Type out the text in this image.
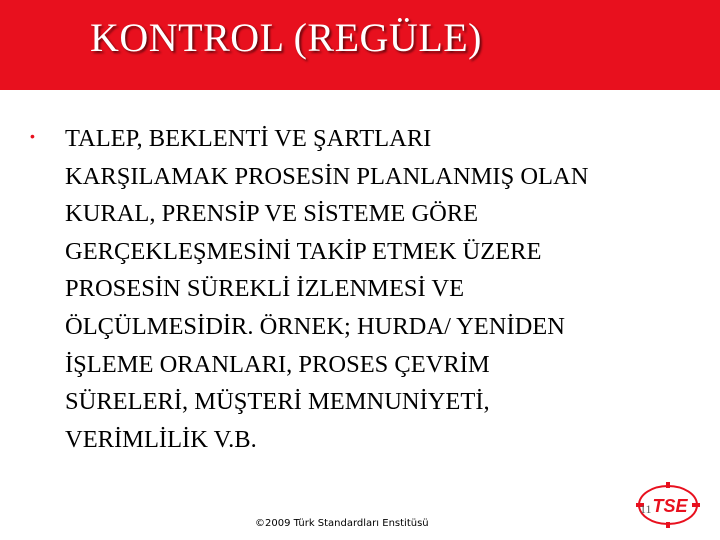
KONTROL (REGÜLE)
• TALEP, BEKLENTİ VE ŞARTLARI
KARŞILAMAK PROSESİN PLANLANMIŞ OLAN
KURAL, PRENSİP VE SİSTEME GÖRE
GERÇEKLEŞMESİNİ TAKİP ETMEK ÜZERE
PROSESİN SÜREKLİ İZLENMESİ VE
ÖLÇÜLMESİDİR. ÖRNEK; HURDA/ YENİDEN
İŞLEME ORANLARI, PROSES ÇEVRİM
SÜRELERİ, MÜŞTERİ MEMNUNİYETİ,
VERİMLİLİK V.B.
TSE
11
©2009 Türk Standardları Enstitüsü
